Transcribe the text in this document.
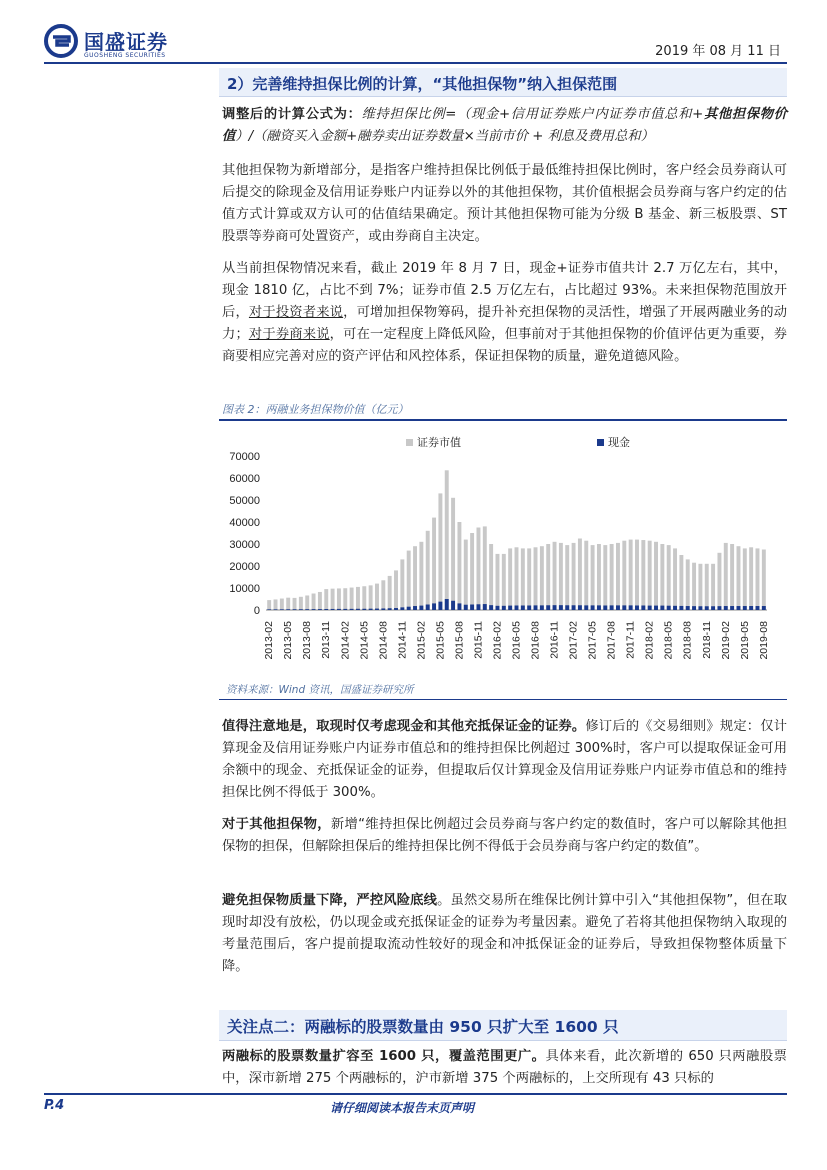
国盛证券
GUOSHENG SECURITIES	2019 年 08 月 11 日
2）完善维持担保比例的计算，“其他担保物”纳入担保范围
调整后的计算公式为：维持担保比例=（现金+信用证券账户内证券市值总和+其他担保物价值）/（融资买入金额+融券卖出证券数量×当前市价 + 利息及费用总和）
其他担保物为新增部分，是指客户维持担保比例低于最低维持担保比例时，客户经会员券商认可后提交的除现金及信用证券账户内证券以外的其他担保物，其价值根据会员券商与客户约定的估值方式计算或双方认可的估值结果确定。预计其他担保物可能为分级 B 基金、新三板股票、ST 股票等券商可处置资产，或由券商自主决定。
从当前担保物情况来看，截止 2019 年 8 月 7 日，现金+证券市值共计 2.7 万亿左右，其中，现金 1810 亿，占比不到 7%；证券市值 2.5 万亿左右，占比超过 93%。未来担保物范围放开后，对于投资者来说，可增加担保物筹码，提升补充担保物的灵活性，增强了开展两融业务的动力；对于券商来说，可在一定程度上降低风险，但事前对于其他担保物的价值评估更为重要，券商要相应完善对应的资产评估和风控体系，保证担保物的质量，避免道德风险。
图表 2：两融业务担保物价值（亿元）
0
10000
20000
30000
40000
50000
60000
70000
2013-02 2013-05 2013-08 2013-11 2014-02 2014-05 2014-08 2014-11 2015-02 2015-05 2015-08 2015-11 2016-02 2016-05 2016-08 2016-11 2017-02 2017-05 2017-08 2017-11 2018-02 2018-05 2018-08 2018-11 2019-02 2019-05 2019-08
证券市值	现金
资料来源：Wind 资讯，国盛证券研究所
值得注意地是，取现时仅考虑现金和其他充抵保证金的证券。修订后的《交易细则》规定：仅计算现金及信用证券账户内证券市值总和的维持担保比例超过 300%时，客户可以提取保证金可用余额中的现金、充抵保证金的证券，但提取后仅计算现金及信用证券账户内证券市值总和的维持担保比例不得低于 300%。
对于其他担保物，新增“维持担保比例超过会员券商与客户约定的数值时，客户可以解除其他担保物的担保，但解除担保后的维持担保比例不得低于会员券商与客户约定的数值”。
避免担保物质量下降，严控风险底线。虽然交易所在维保比例计算中引入“其他担保物”，但在取现时却没有放松，仍以现金或充抵保证金的证券为考量因素。避免了若将其他担保物纳入取现的考量范围后，客户提前提取流动性较好的现金和冲抵保证金的证券后，导致担保物整体质量下降。
关注点二：两融标的股票数量由 950 只扩大至 1600 只
两融标的股票数量扩容至 1600 只，覆盖范围更广。具体来看，此次新增的 650 只两融股票中，深市新增 275 个两融标的，沪市新增 375 个两融标的，上交所现有 43 只标的
P.4	请仔细阅读本报告末页声明
